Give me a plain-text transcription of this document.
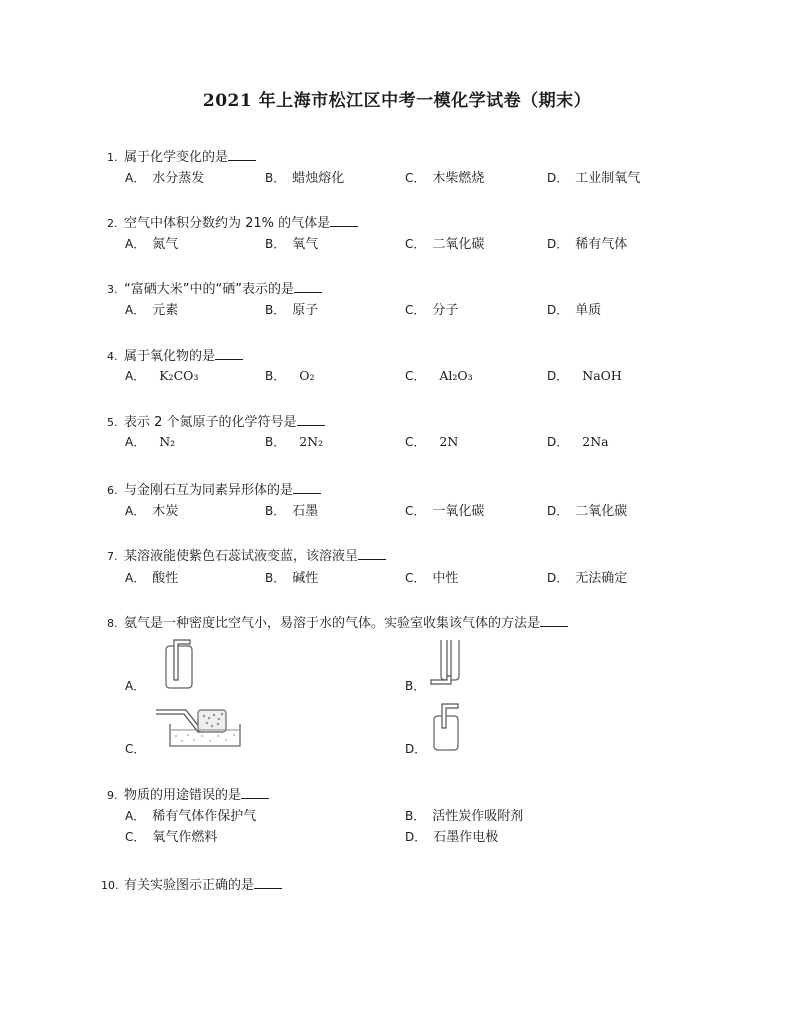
2021 年上海市松江区中考一模化学试卷（期末）
1. 属于化学变化的是
A． 水分蒸发	B． 蜡烛熔化	C． 木柴燃烧	D． 工业制氧气
2. 空气中体积分数约为 21% 的气体是
A． 氮气	B． 氧气	C． 二氧化碳	D． 稀有气体
3. “富硒大米”中的“硒”表示的是
A． 元素	B． 原子	C． 分子	D． 单质
4. 属于氧化物的是
A． K₂CO₃	B． O₂	C． Al₂O₃	D． NaOH
5. 表示 2 个氮原子的化学符号是
A． N₂	B． 2N₂	C． 2N	D． 2Na
6. 与金刚石互为同素异形体的是
A． 木炭	B． 石墨	C． 一氧化碳	D． 二氧化碳
7. 某溶液能使紫色石蕊试液变蓝，该溶液呈
A． 酸性	B． 碱性	C． 中性	D． 无法确定
8. 氨气是一种密度比空气小，易溶于水的气体。实验室收集该气体的方法是
A．	B．
C．	D．
9. 物质的用途错误的是
A． 稀有气体作保护气	B． 活性炭作吸附剂
C． 氧气作燃料	D． 石墨作电极
10. 有关实验图示正确的是
